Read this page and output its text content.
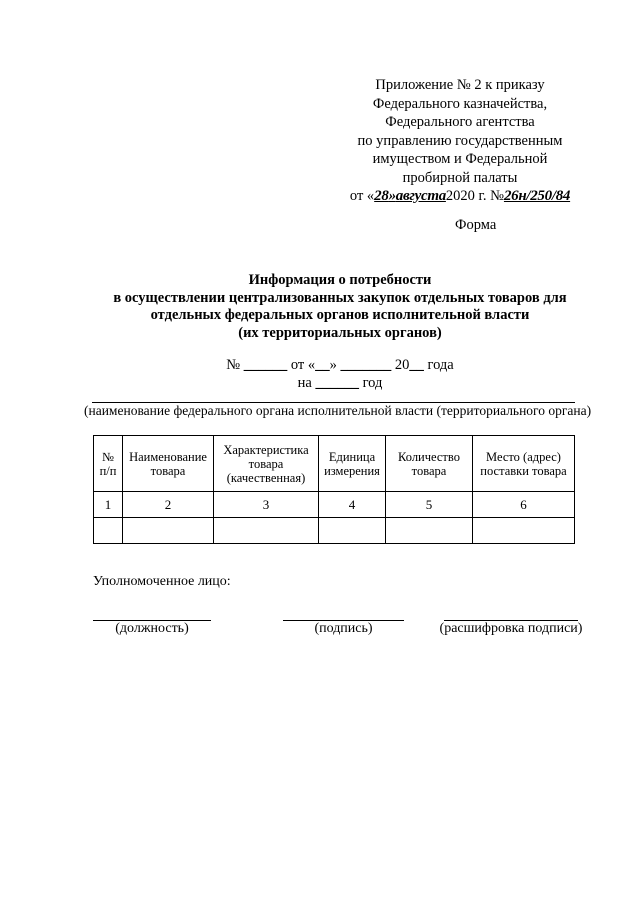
Приложение № 2 к приказу
Федерального казначейства,
Федерального агентства
по управлению государственным
имуществом и Федеральной
пробирной палаты
от «28»августа2020 г. №26н/250/84
Форма
Информация о потребности
в осуществлении централизованных закупок отдельных товаров для
отдельных федеральных органов исполнительной власти
(их территориальных органов)
№ ______ от «__» _______ 20__ года
на ______ год
(наименование федерального органа исполнительной власти (территориального органа)
№ п/п	Наименование товара	Характеристика товара (качественная)	Единица измерения	Количество товара	Место (адрес) поставки товара
1	2	3	4	5	6

Уполномоченное лицо:
(должность)	(подпись)	(расшифровка подписи)
